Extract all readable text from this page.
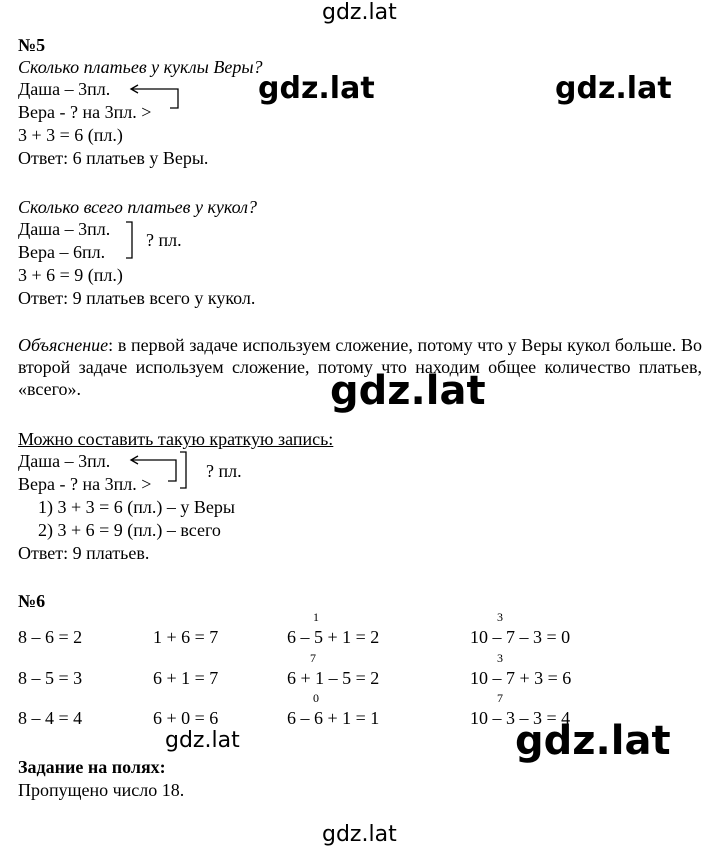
gdz.lat
gdz.lat	gdz.lat
gdz.lat
gdz.lat	gdz.lat
gdz.lat
№5
Сколько платьев у куклы Веры?
Даша – 3пл.
Вера - ? на 3пл. >
3 + 3 = 6 (пл.)
Ответ: 6 платьев у Веры.
Сколько всего платьев у кукол?
Даша – 3пл.
Вера – 6пл.
? пл.
3 + 6 = 9 (пл.)
Ответ: 9 платьев всего у кукол.
Объяснение: в первой задаче используем сложение, потому что у Веры кукол больше. Во второй задаче используем сложение, потому что находим общее количество платьев, «всего».
Можно составить такую краткую запись:
Даша – 3пл.
Вера - ? на 3пл. >
? пл.
1) 3 + 3 = 6 (пл.) – у Веры
2) 3 + 6 = 9 (пл.) – всего
Ответ: 9 платьев.
№6
8 – 6 = 2
8 – 5 = 3
8 – 4 = 4
1 + 6 = 7
6 + 1 = 7
6 + 0 = 6
1
6 – 5 + 1 = 2
7
6 + 1 – 5 = 2
0
6 – 6 + 1 = 1
3
10 – 7 – 3 = 0
3
10 – 7 + 3 = 6
7
10 – 3 – 3 = 4
Задание на полях:
Пропущено число 18.
